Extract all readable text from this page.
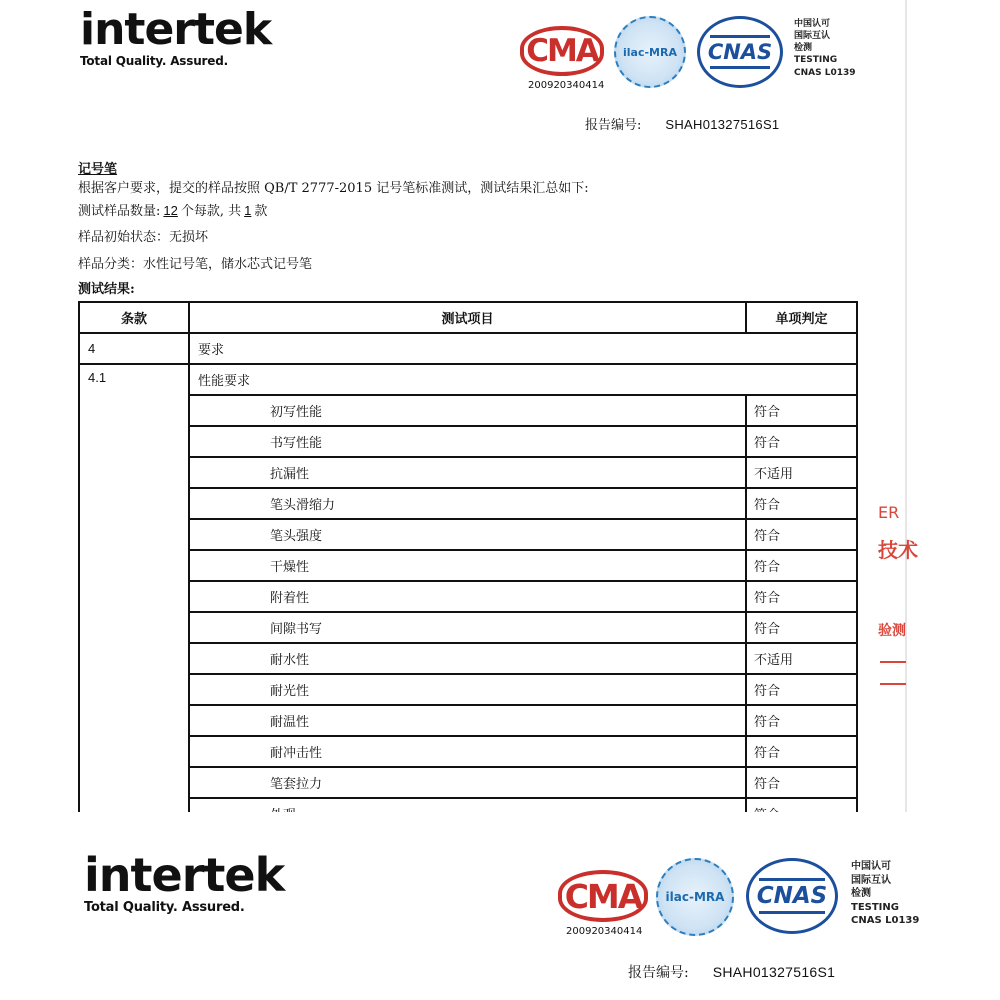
intertek
Total Quality. Assured.	CMA
200920340414
ilac-MRA CNAS
中国认可
国际互认
检测
TESTING
CNAS L0139
报告编号: SHAH01327516S1
记号笔
根据客户要求，提交的样品按照 QB/T 2777-2015 记号笔标准测试，测试结果汇总如下:
测试样品数量: 12 个每款, 共 1 款
样品初始状态：无损坏
样品分类：水性记号笔，储水芯式记号笔
测试结果:
条款	测试项目	单项判定
4	要求	
4.1	性能要求	
	初写性能	符合
	书写性能	符合
	抗漏性	不适用
	笔头滑缩力	符合
	笔头强度	符合
	干燥性	符合
	附着性	符合
	间隙书写	符合
	耐水性	不适用
	耐光性	符合
	耐温性	符合
	耐冲击性	符合
	笔套拉力	符合

ER
技术
验测
intertek
Total Quality. Assured.	CMA
200920340414
ilac-MRA CNAS
中国认可
国际互认
检测
TESTING
CNAS L0139
报告编号: SHAH01327516S1
